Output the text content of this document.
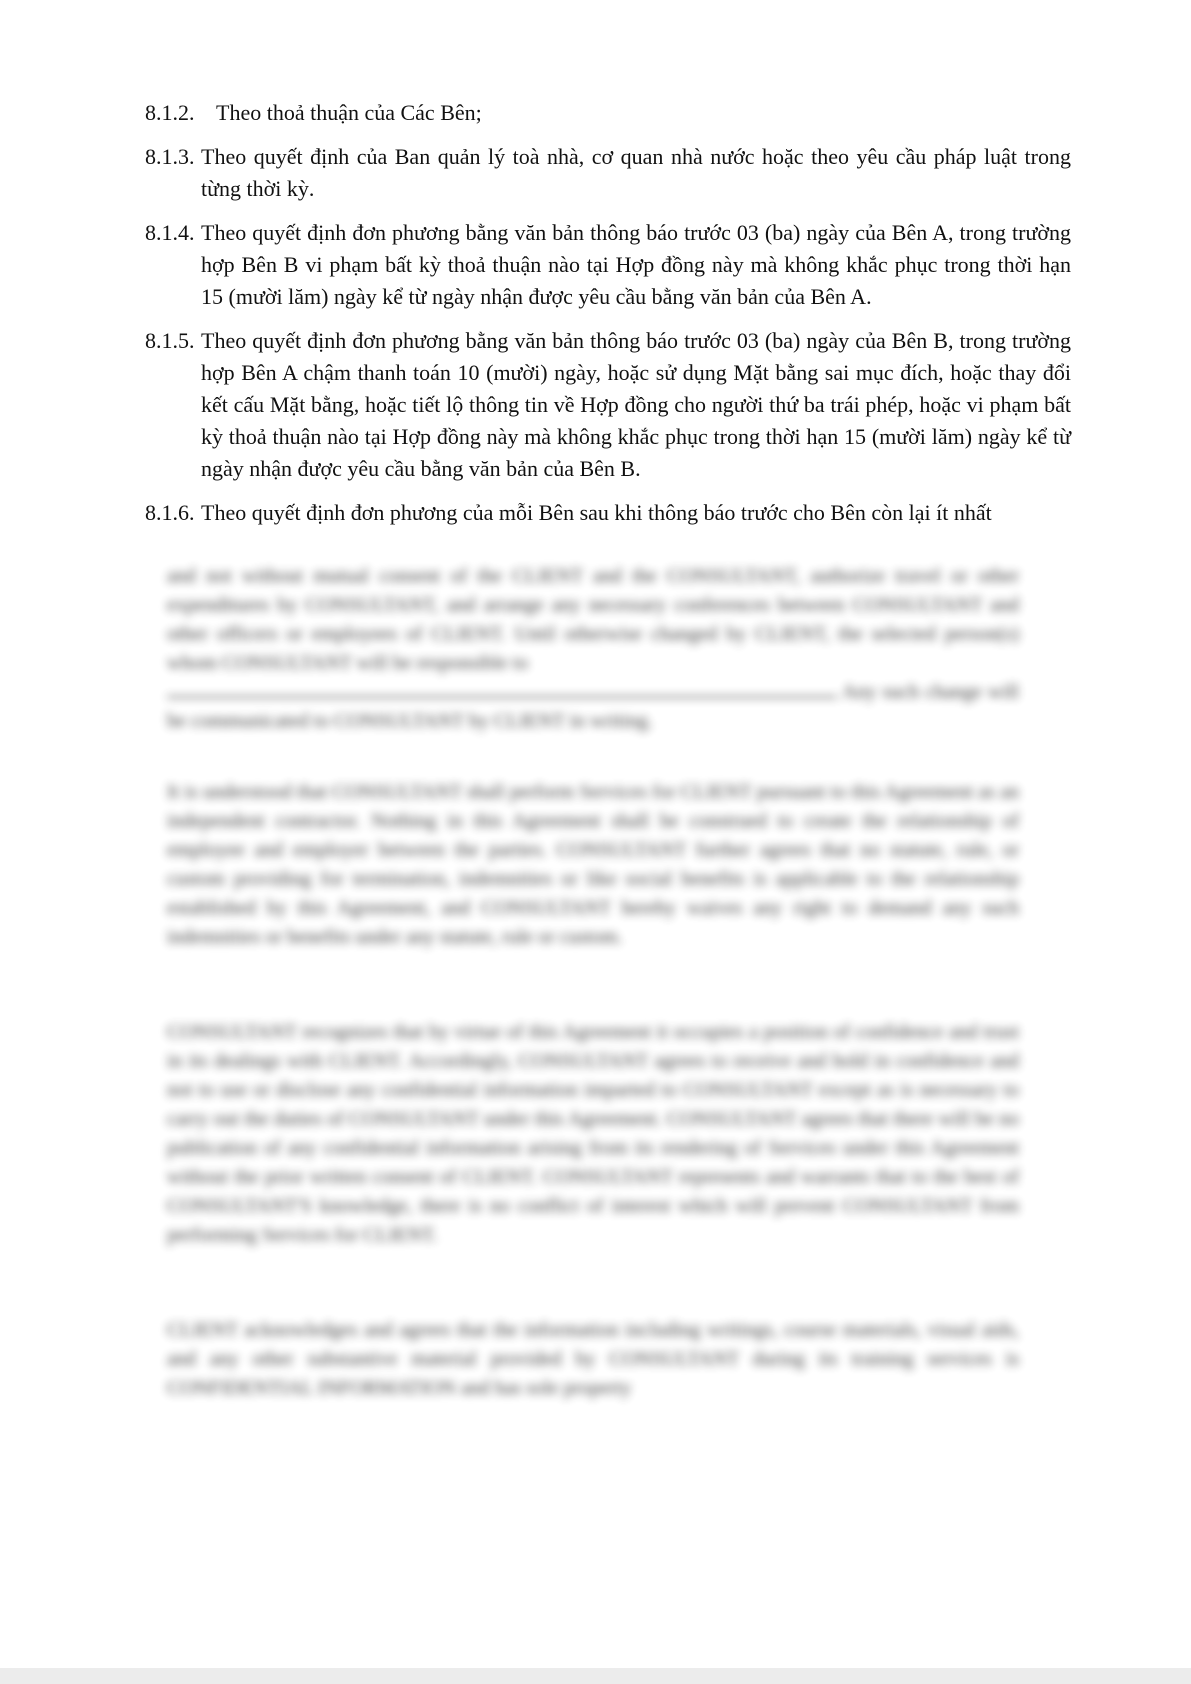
8.1.2. Theo thoả thuận của Các Bên;
8.1.3. Theo quyết định của Ban quản lý toà nhà, cơ quan nhà nước hoặc theo yêu cầu pháp luật trong từng thời kỳ.
8.1.4. Theo quyết định đơn phương bằng văn bản thông báo trước 03 (ba) ngày của Bên A, trong trường hợp Bên B vi phạm bất kỳ thoả thuận nào tại Hợp đồng này mà không khắc phục trong thời hạn 15 (mười lăm) ngày kể từ ngày nhận được yêu cầu bằng văn bản của Bên A.
8.1.5. Theo quyết định đơn phương bằng văn bản thông báo trước 03 (ba) ngày của Bên B, trong trường hợp Bên A chậm thanh toán 10 (mười) ngày, hoặc sử dụng Mặt bằng sai mục đích, hoặc thay đổi kết cấu Mặt bằng, hoặc tiết lộ thông tin về Hợp đồng cho người thứ ba trái phép, hoặc vi phạm bất kỳ thoả thuận nào tại Hợp đồng này mà không khắc phục trong thời hạn 15 (mười lăm) ngày kể từ ngày nhận được yêu cầu bằng văn bản của Bên B.
8.1.6. Theo quyết định đơn phương của mỗi Bên sau khi thông báo trước cho Bên còn lại ít nhất

and not without mutual consent of the CLIENT and the CONSULTANT, authorize travel or other expenditures by CONSULTANT, and arrange any necessary conferences between CONSULTANT and other officers or employees of CLIENT. Until otherwise changed by CLIENT, the selected person(s) whom CONSULTANT will be responsible to

Any such change will be communicated to CONSULTANT by CLIENT in writing.

It is understood that CONSULTANT shall perform Services for CLIENT pursuant to this Agreement as an independent contractor. Nothing in this Agreement shall be construed to create the relationship of employee and employer between the parties. CONSULTANT further agrees that no statute, rule, or custom providing for termination, indemnities or like social benefits is applicable to the relationship established by this Agreement, and CONSULTANT hereby waives any right to demand any such indemnities or benefits under any statute, rule or custom.

CONSULTANT recognizes that by virtue of this Agreement it occupies a position of confidence and trust in its dealings with CLIENT. Accordingly, CONSULTANT agrees to receive and hold in confidence and not to use or disclose any confidential information imparted to CONSULTANT except as is necessary to carry out the duties of CONSULTANT under this Agreement. CONSULTANT agrees that there will be no publication of any confidential information arising from its rendering of Services under this Agreement without the prior written consent of CLIENT. CONSULTANT represents and warrants that to the best of CONSULTANT'S knowledge, there is no conflict of interest which will prevent CONSULTANT from performing Services for CLIENT.

CLIENT acknowledges and agrees that the information including writings, course materials, visual aids, and any other substantive material provided by CONSULTANT during its training services is CONFIDENTIAL INFORMATION and has sole property
